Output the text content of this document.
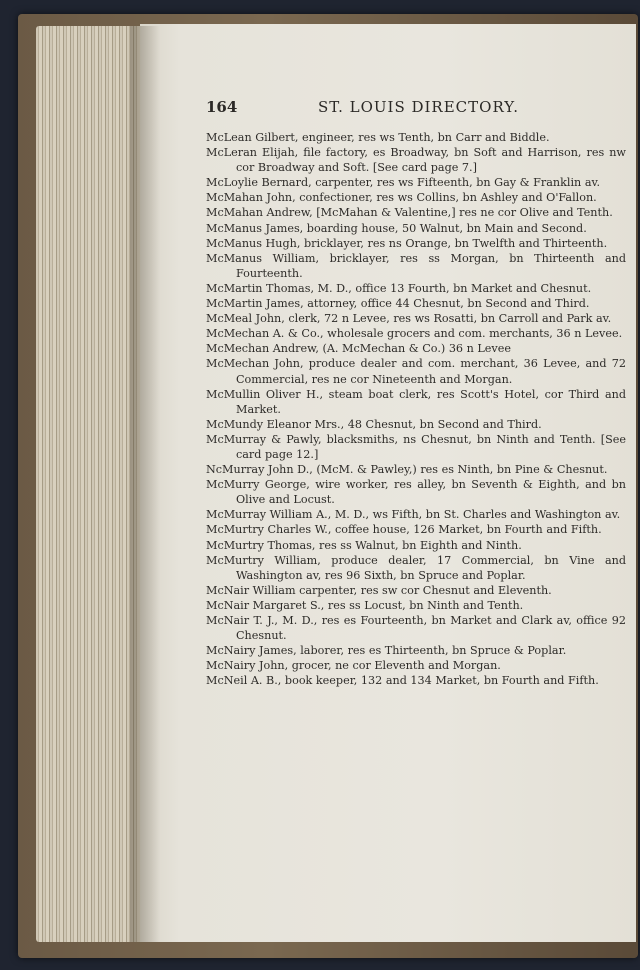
164	ST. LOUIS DIRECTORY.

McLean Gilbert, engineer, res ws Tenth, bn Carr and Biddle.

McLeran Elijah, file factory, es Broadway, bn Soft and Harrison, res nw cor Broadway and Soft. [See card page 7.]

McLoylie Bernard, carpenter, res ws Fifteenth, bn Gay & Franklin av.

McMahan John, confectioner, res ws Collins, bn Ashley and O'Fallon.

McMahan Andrew, [McMahan & Valentine,] res ne cor Olive and Tenth.

McManus James, boarding house, 50 Walnut, bn Main and Second.

McManus Hugh, bricklayer, res ns Orange, bn Twelfth and Thirteenth.

McManus William, bricklayer, res ss Morgan, bn Thirteenth and Fourteenth.

McMartin Thomas, M. D., office 13 Fourth, bn Market and Chesnut.

McMartin James, attorney, office 44 Chesnut, bn Second and Third.

McMeal John, clerk, 72 n Levee, res ws Rosatti, bn Carroll and Park av.

McMechan A. & Co., wholesale grocers and com. merchants, 36 n Levee.

McMechan Andrew, (A. McMechan & Co.) 36 n Levee

McMechan John, produce dealer and com. merchant, 36 Levee, and 72 Commercial, res ne cor Nineteenth and Morgan.

McMullin Oliver H., steam boat clerk, res Scott's Hotel, cor Third and Market.

McMundy Eleanor Mrs., 48 Chesnut, bn Second and Third.

McMurray & Pawly, blacksmiths, ns Chesnut, bn Ninth and Tenth. [See card page 12.]

NcMurray John D., (McM. & Pawley,) res es Ninth, bn Pine & Chesnut.

McMurry George, wire worker, res alley, bn Seventh & Eighth, and bn Olive and Locust.

McMurray William A., M. D., ws Fifth, bn St. Charles and Washington av.

McMurtry Charles W., coffee house, 126 Market, bn Fourth and Fifth.

McMurtry Thomas, res ss Walnut, bn Eighth and Ninth.

McMurtry William, produce dealer, 17 Commercial, bn Vine and Washington av, res 96 Sixth, bn Spruce and Poplar.

McNair William carpenter, res sw cor Chesnut and Eleventh.

McNair Margaret S., res ss Locust, bn Ninth and Tenth.

McNair T. J., M. D., res es Fourteenth, bn Market and Clark av, office 92 Chesnut.

McNairy James, laborer, res es Thirteenth, bn Spruce & Poplar.

McNairy John, grocer, ne cor Eleventh and Morgan.

McNeil A. B., book keeper, 132 and 134 Market, bn Fourth and Fifth.
